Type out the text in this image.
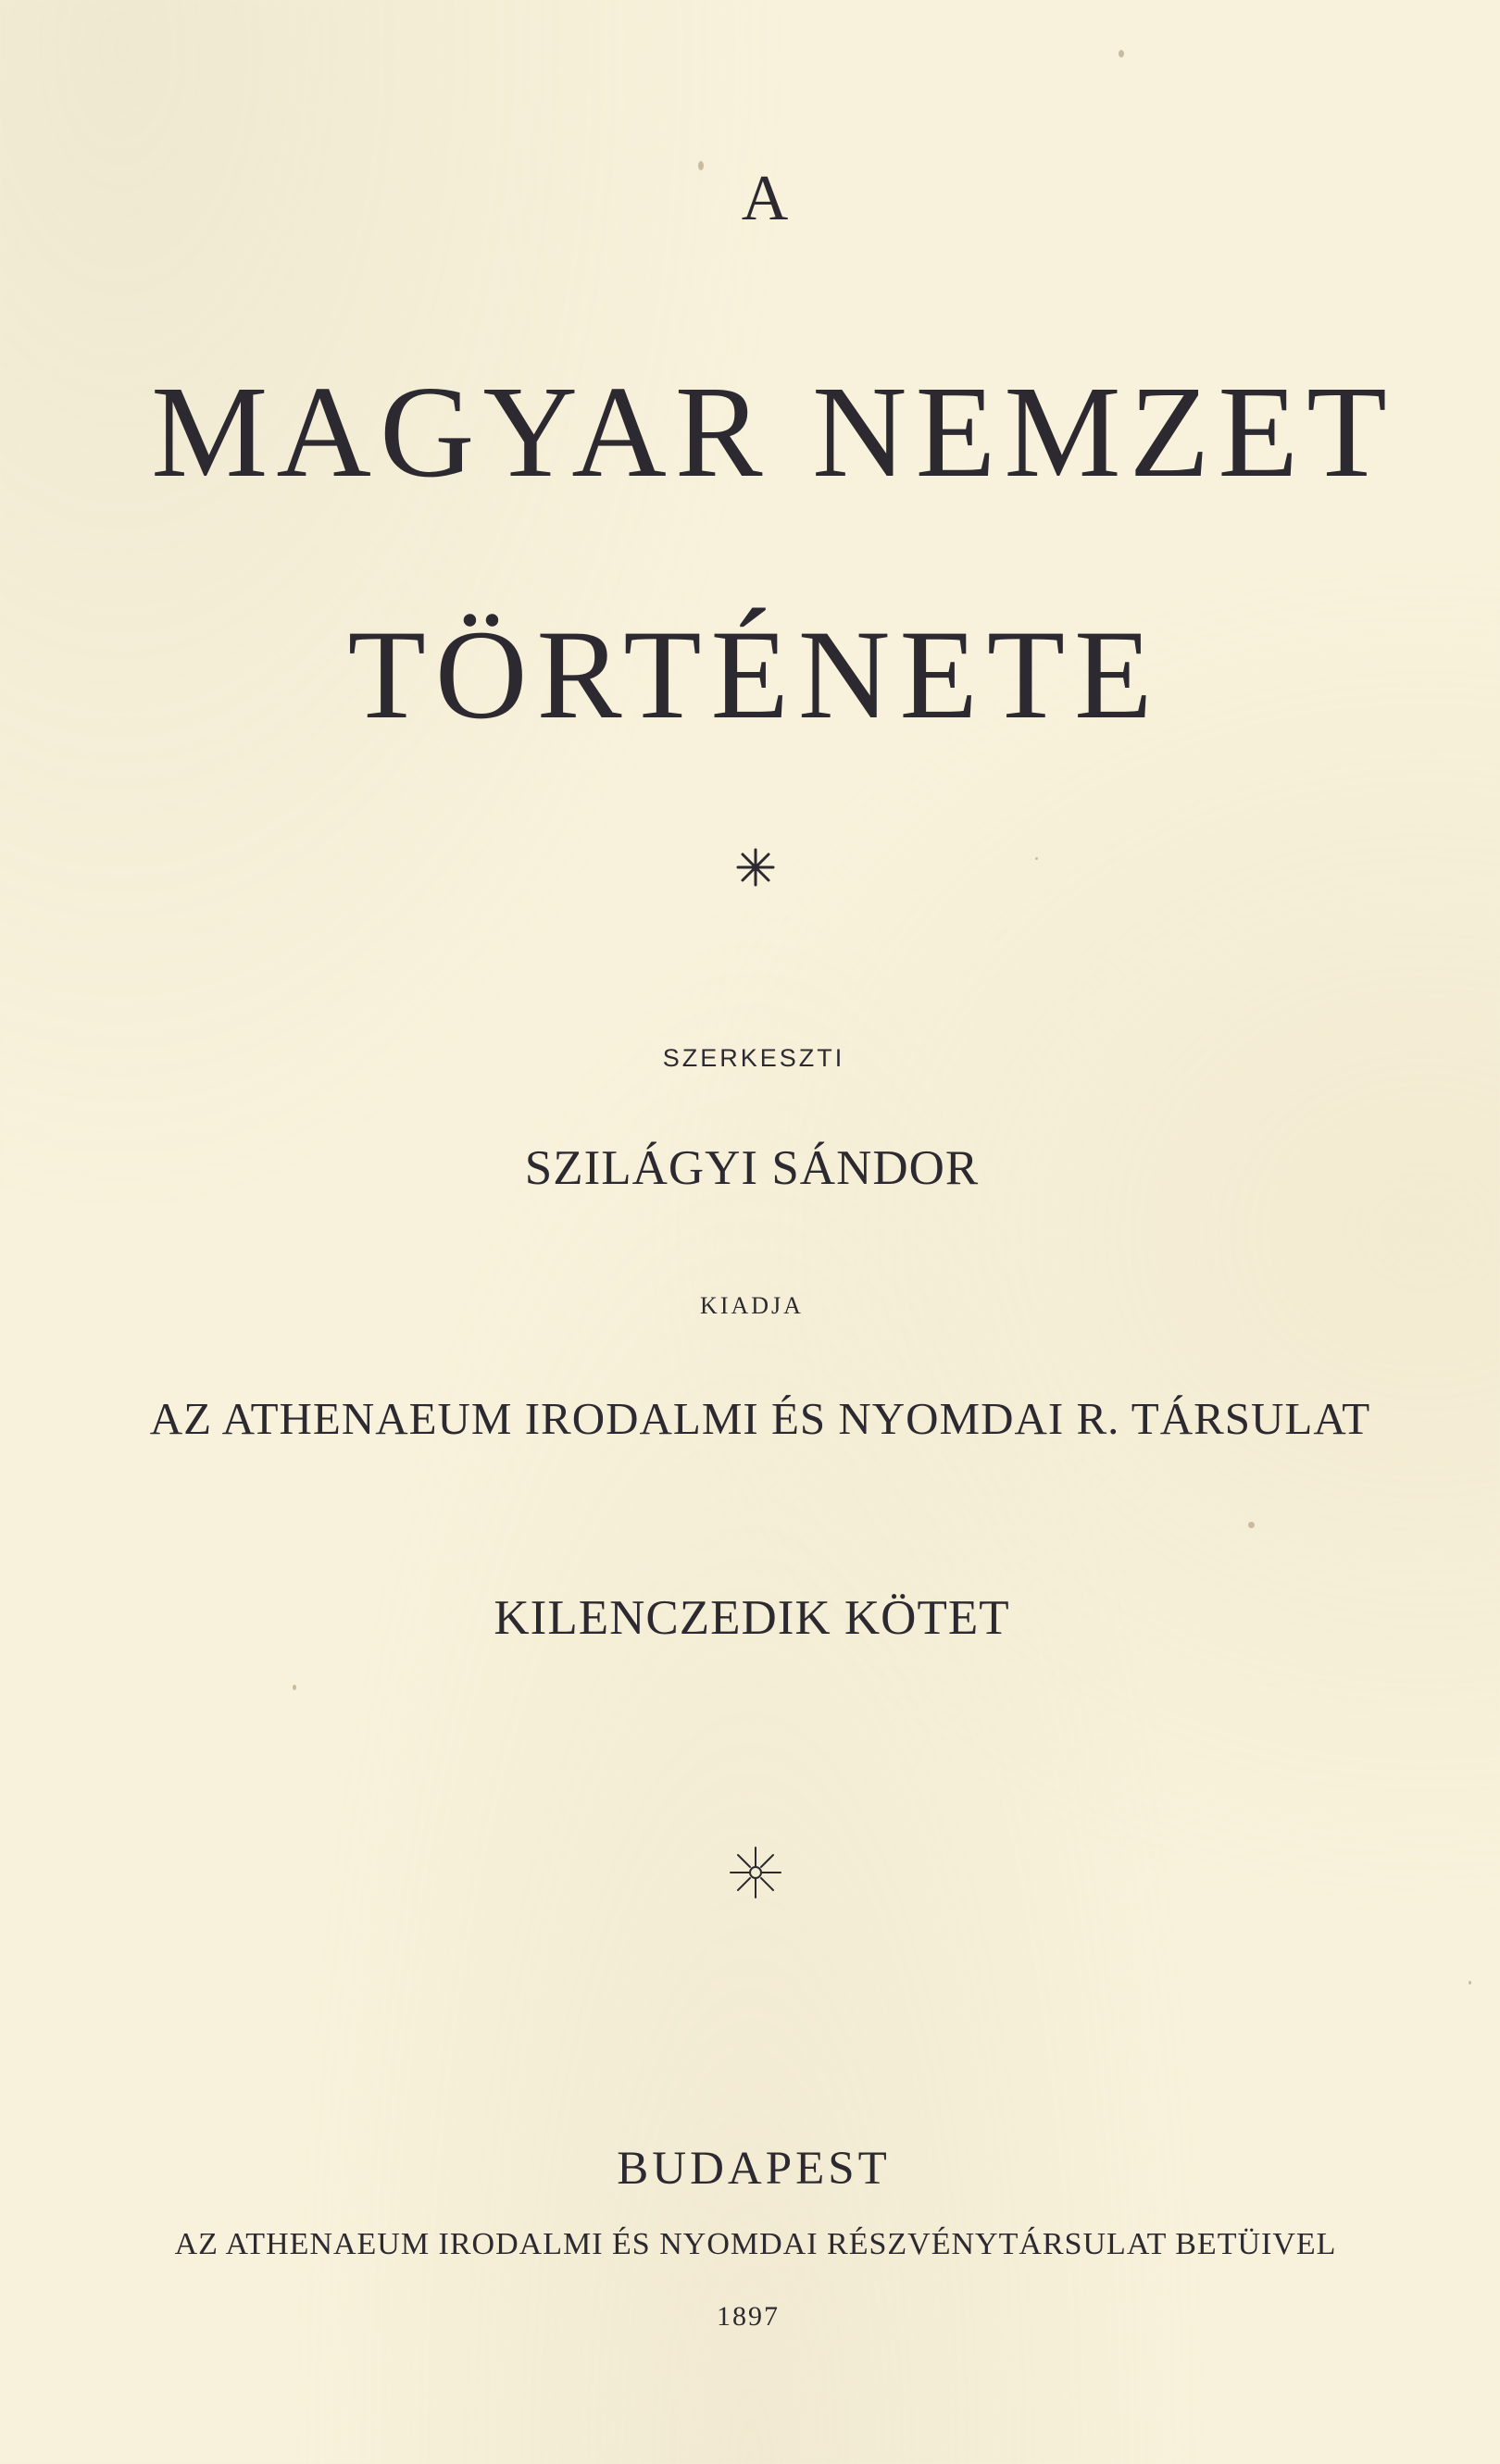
A
MAGYAR NEMZET
TÖRTÉNETE
SZERKESZTI
SZILÁGYI SÁNDOR
KIADJA
AZ ATHENAEUM IRODALMI ÉS NYOMDAI R. TÁRSULAT
KILENCZEDIK KÖTET
BUDAPEST
AZ ATHENAEUM IRODALMI ÉS NYOMDAI RÉSZVÉNYTÁRSULAT BETÜIVEL
1897
